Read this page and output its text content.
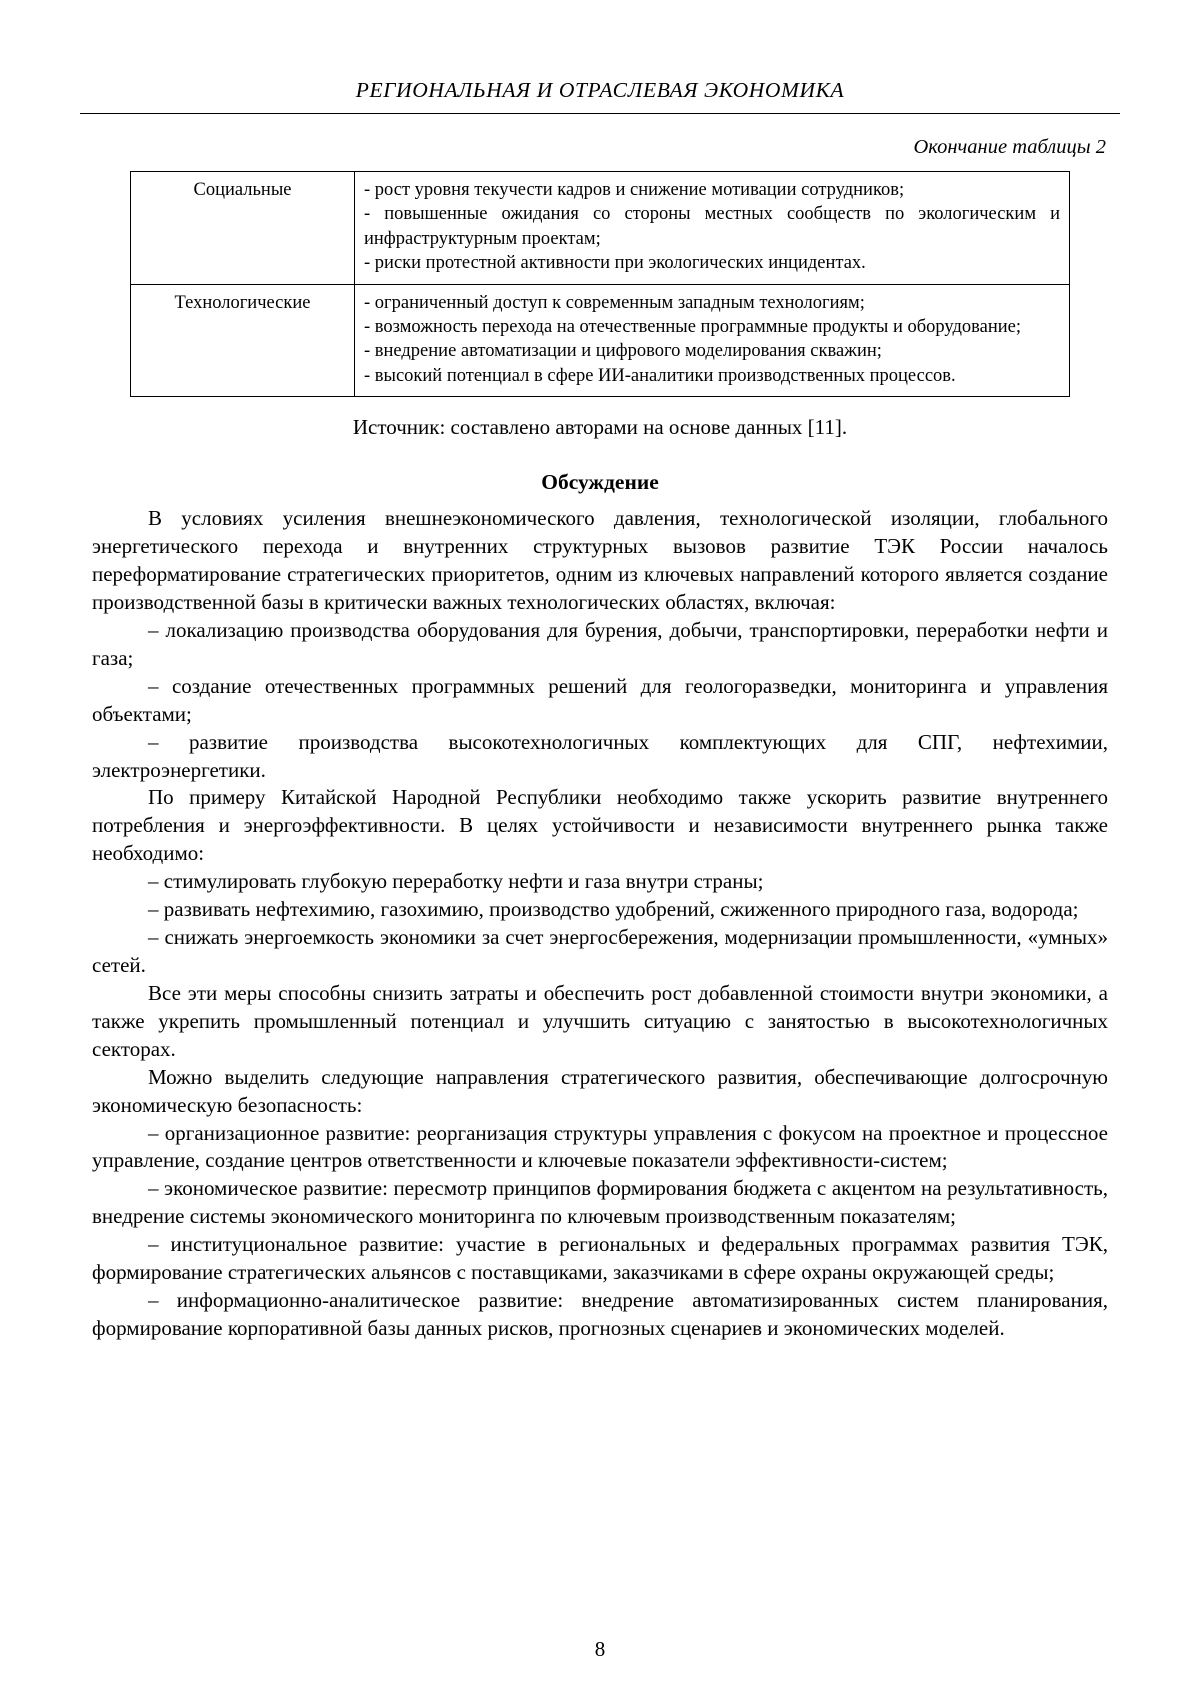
РЕГИОНАЛЬНАЯ И ОТРАСЛЕВАЯ ЭКОНОМИКА
Окончание таблицы 2
Социальные	
-рост уровня текучести кадров и снижение мотивации сотрудников;
- повышенные ожидания со стороны местных сообществ по экологическим и инфраструктурным проектам;
- риски протестной активности при экологических инцидентах.

Технологические	
-ограниченный доступ к современным западным технологиям;
- возможность перехода на отечественные программные продукты и оборудование;
- внедрение автоматизации и цифрового моделирования скважин;
- высокий потенциал в сфере ИИ-аналитики производственных процессов.
Источник: составлено авторами на основе данных [11].
Обсуждение

В условиях усиления внешнеэкономического давления, технологической изоляции, глобального энергетического перехода и внутренних структурных вызовов развитие ТЭК России началось переформатирование стратегических приоритетов, одним из ключевых направлений которого является создание производственной базы в критически важных технологических областях, включая:

– локализацию производства оборудования для бурения, добычи, транспортировки, переработки нефти и газа;

– создание отечественных программных решений для геологоразведки, мониторинга и управления объектами;

– развитие производства высокотехнологичных комплектующих для СПГ, нефтехимии, электроэнергетики.

По примеру Китайской Народной Республики необходимо также ускорить развитие внутреннего потребления и энергоэффективности. В целях устойчивости и независимости внутреннего рынка также необходимо:

– стимулировать глубокую переработку нефти и газа внутри страны;

– развивать нефтехимию, газохимию, производство удобрений, сжиженного природного газа, водорода;

– снижать энергоемкость экономики за счет энергосбережения, модернизации промышленности, «умных» сетей.

Все эти меры способны снизить затраты и обеспечить рост добавленной стоимости внутри экономики, а также укрепить промышленный потенциал и улучшить ситуацию с занятостью в высокотехнологичных секторах.

Можно выделить следующие направления стратегического развития, обеспечивающие долгосрочную экономическую безопасность:

– организационное развитие: реорганизация структуры управления с фокусом на проектное и процессное управление, создание центров ответственности и ключевые показатели эффективности-систем;

– экономическое развитие: пересмотр принципов формирования бюджета с акцентом на результативность, внедрение системы экономического мониторинга по ключевым производственным показателям;

– институциональное развитие: участие в региональных и федеральных программах развития ТЭК, формирование стратегических альянсов с поставщиками, заказчиками в сфере охраны окружающей среды;

– информационно-аналитическое развитие: внедрение автоматизированных систем планирования, формирование корпоративной базы данных рисков, прогнозных сценариев и экономических моделей.

8
